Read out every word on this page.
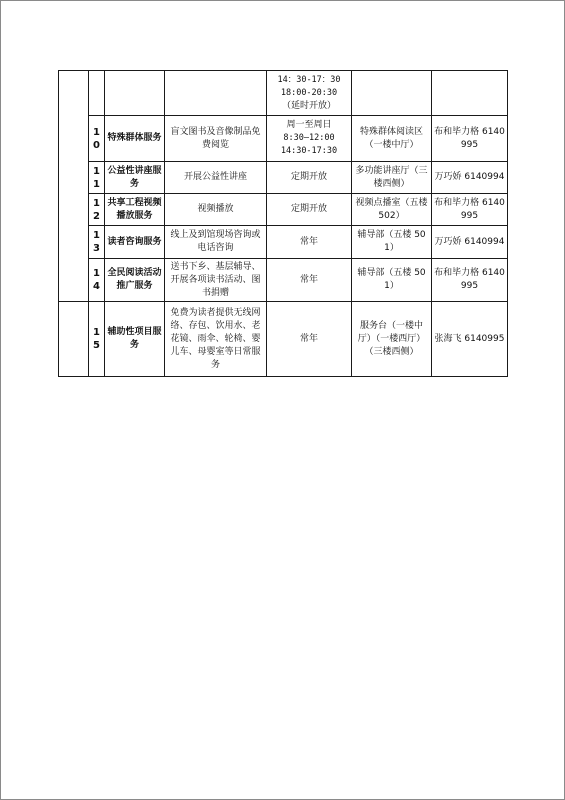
				14：30-17：30
18:00-20:30
（延时开放）		

	10	特殊群体服务	盲文图书及音像制品免费阅览	周一至周日
8:30—12:00
14:30-17:30	特殊群体阅读区（一楼中厅）	布和毕力格 6140995
	11	公益性讲座服务	开展公益性讲座	定期开放	多功能讲座厅（三楼西侧）	万巧娇 6140994
	12	共享工程视频播放服务	视频播放	定期开放	视频点播室（五楼 502）	布和毕力格 6140995
	13	读者咨询服务	线上及到馆现场咨询或电话咨询	常年	辅导部（五楼 501）	万巧娇 6140994
	14	全民阅读活动推广服务	送书下乡、基层辅导、开展各项读书活动、图书捐赠	常年	辅导部（五楼 501）	布和毕力格 6140995
	15	辅助性项目服务	免费为读者提供无线网络、存包、饮用水、老花镜、雨伞、轮椅、婴儿车、母婴室等日常服务	常年	服务台（一楼中厅）（一楼西厅）（三楼西侧）	张海飞 6140995
